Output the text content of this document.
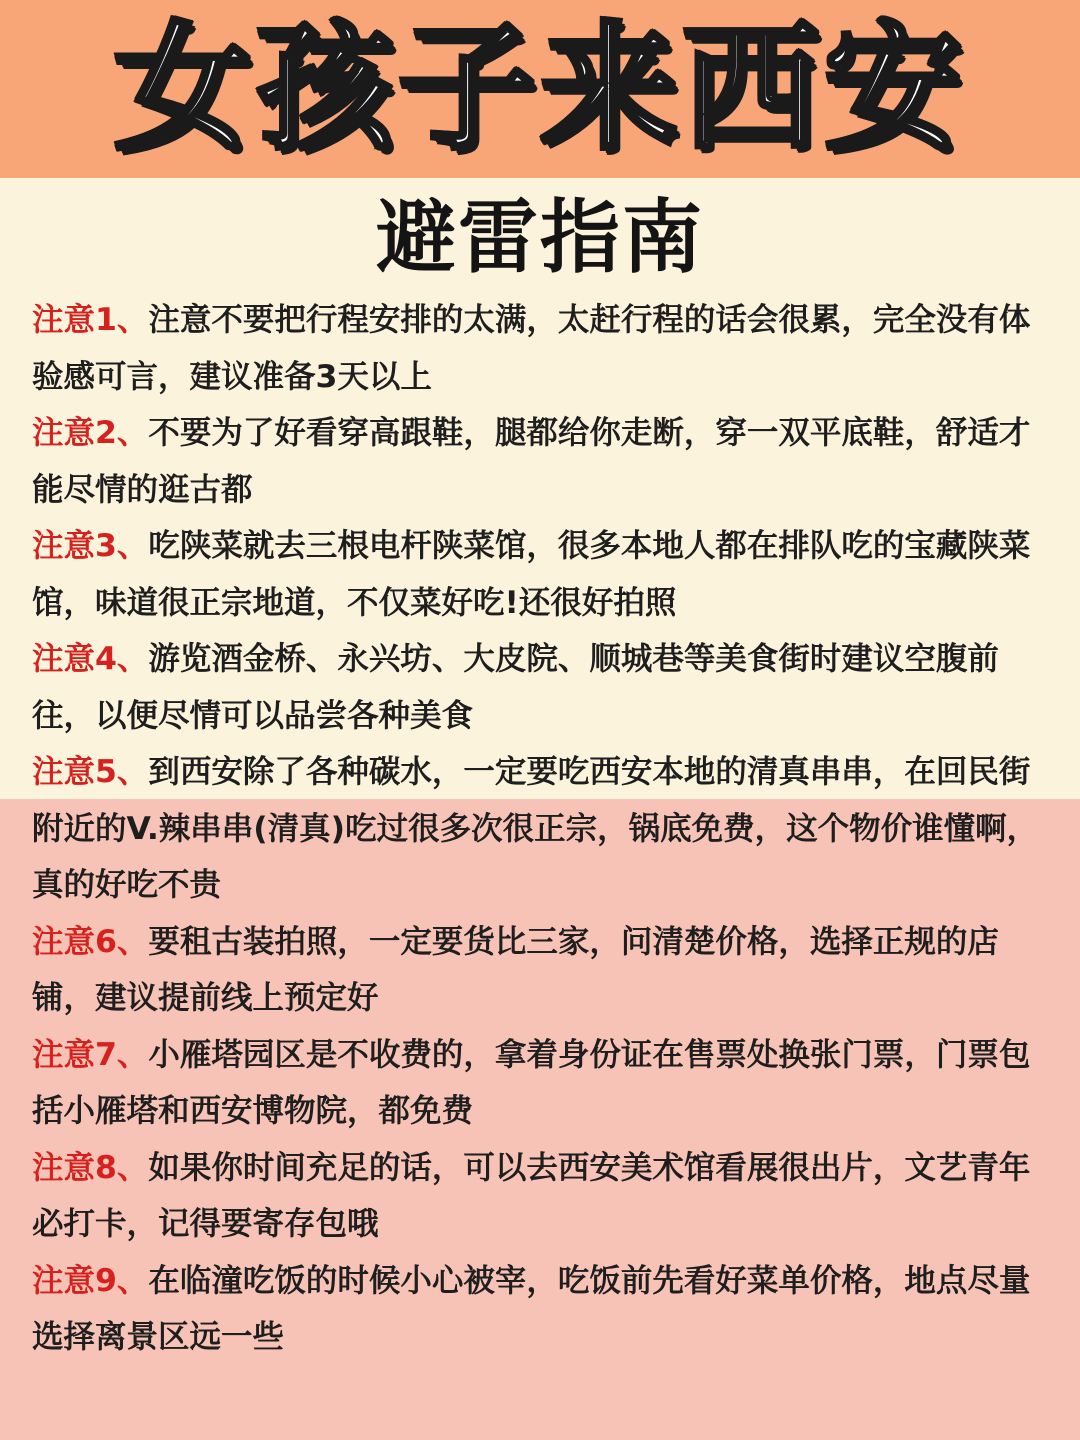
女孩子来西安
避雷指南
注意1、注意不要把行程安排的太满，太赶行程的话会很累，完全没有体验感可言，建议准备3天以上
注意2、不要为了好看穿高跟鞋，腿都给你走断，穿一双平底鞋，舒适才能尽情的逛古都
注意3、吃陕菜就去三根电杆陕菜馆，很多本地人都在排队吃的宝藏陕菜馆，味道很正宗地道，不仅菜好吃!还很好拍照
注意4、游览酒金桥、永兴坊、大皮院、顺城巷等美食街时建议空腹前往，以便尽情可以品尝各种美食
注意5、到西安除了各种碳水，一定要吃西安本地的清真串串，在回民街附近的V.辣串串(清真)吃过很多次很正宗，锅底免费，这个物价谁懂啊，真的好吃不贵
注意6、要租古装拍照，一定要货比三家，问清楚价格，选择正规的店铺，建议提前线上预定好
注意7、小雁塔园区是不收费的，拿着身份证在售票处换张门票，门票包括小雁塔和西安博物院，都免费
注意8、如果你时间充足的话，可以去西安美术馆看展很出片，文艺青年必打卡，记得要寄存包哦
注意9、在临潼吃饭的时候小心被宰，吃饭前先看好菜单价格，地点尽量选择离景区远一些
